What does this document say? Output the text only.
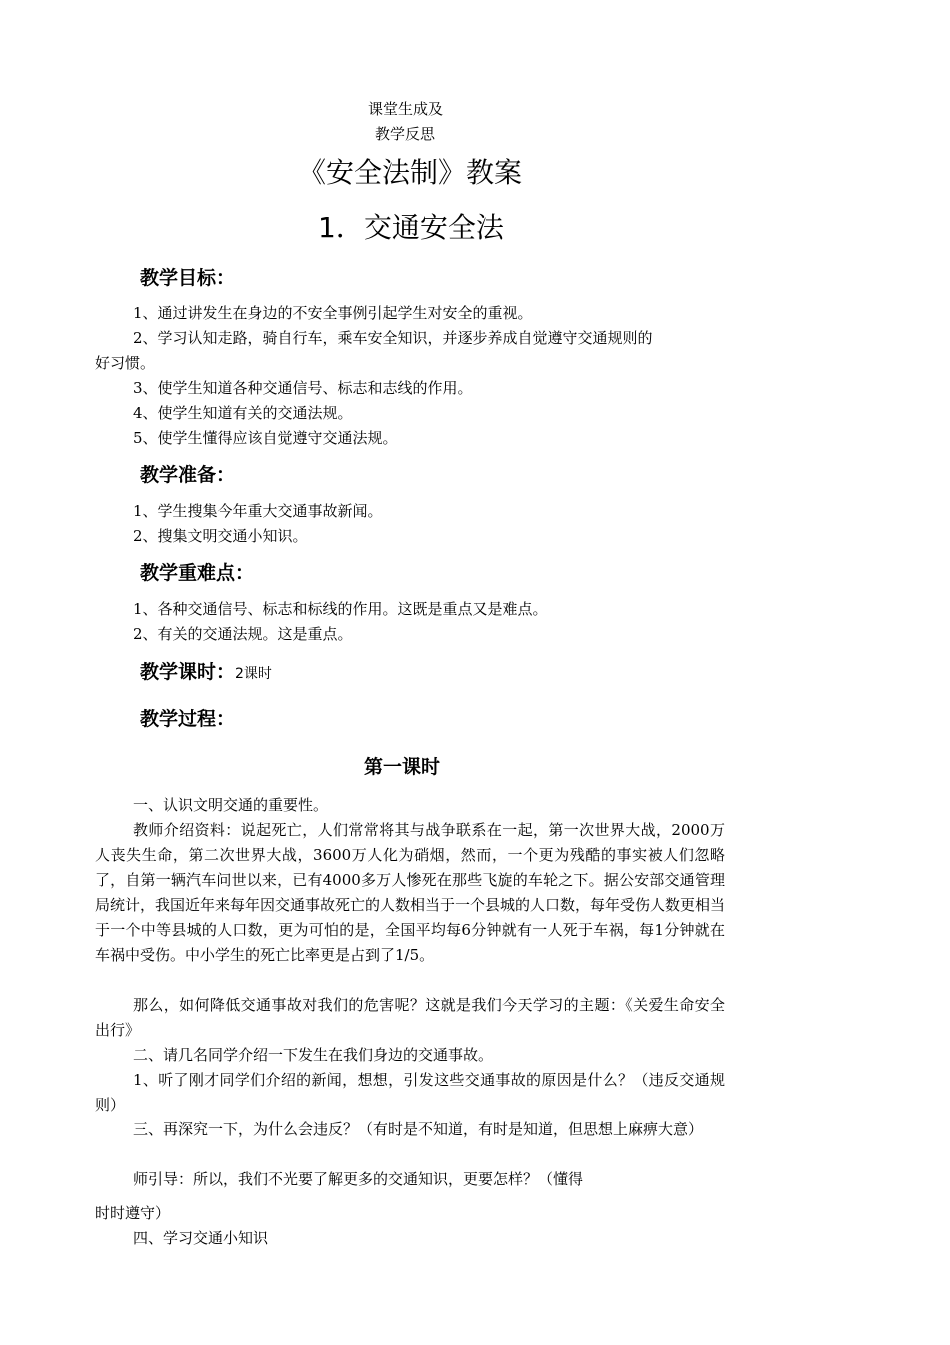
课堂生成及
教学反思
《安全法制》教案
1．交通安全法
教学目标：
1、通过讲发生在身边的不安全事例引起学生对安全的重视。
2、学习认知走路，骑自行车，乘车安全知识，并逐步养成自觉遵守交通规则的
好习惯。
3、使学生知道各种交通信号、标志和志线的作用。
4、使学生知道有关的交通法规。
5、使学生懂得应该自觉遵守交通法规。
教学准备：
1、学生搜集今年重大交通事故新闻。
2、搜集文明交通小知识。
教学重难点：
1、各种交通信号、标志和标线的作用。这既是重点又是难点。
2、有关的交通法规。这是重点。
教学课时：2课时
教学过程：
第一课时
一、认识文明交通的重要性。
教师介绍资料：说起死亡，人们常常将其与战争联系在一起，第一次世界大战，2000万人丧失生命，第二次世界大战，3600万人化为硝烟，然而，一个更为残酷的事实被人们忽略了，自第一辆汽车问世以来，已有4000多万人惨死在那些飞旋的车轮之下。据公安部交通管理局统计，我国近年来每年因交通事故死亡的人数相当于一个县城的人口数，每年受伤人数更相当于一个中等县城的人口数，更为可怕的是，全国平均每6分钟就有一人死于车祸，每1分钟就在车祸中受伤。中小学生的死亡比率更是占到了1/5。
那么，如何降低交通事故对我们的危害呢？这就是我们今天学习的主题：《关爱生命安全出行》
二、请几名同学介绍一下发生在我们身边的交通事故。
1、听了刚才同学们介绍的新闻，想想，引发这些交通事故的原因是什么？（违反交通规则）
三、再深究一下，为什么会违反？（有时是不知道，有时是知道，但思想上麻痹大意）
师引导：所以，我们不光要了解更多的交通知识，更要怎样？（懂得
时时遵守）
四、学习交通小知识
